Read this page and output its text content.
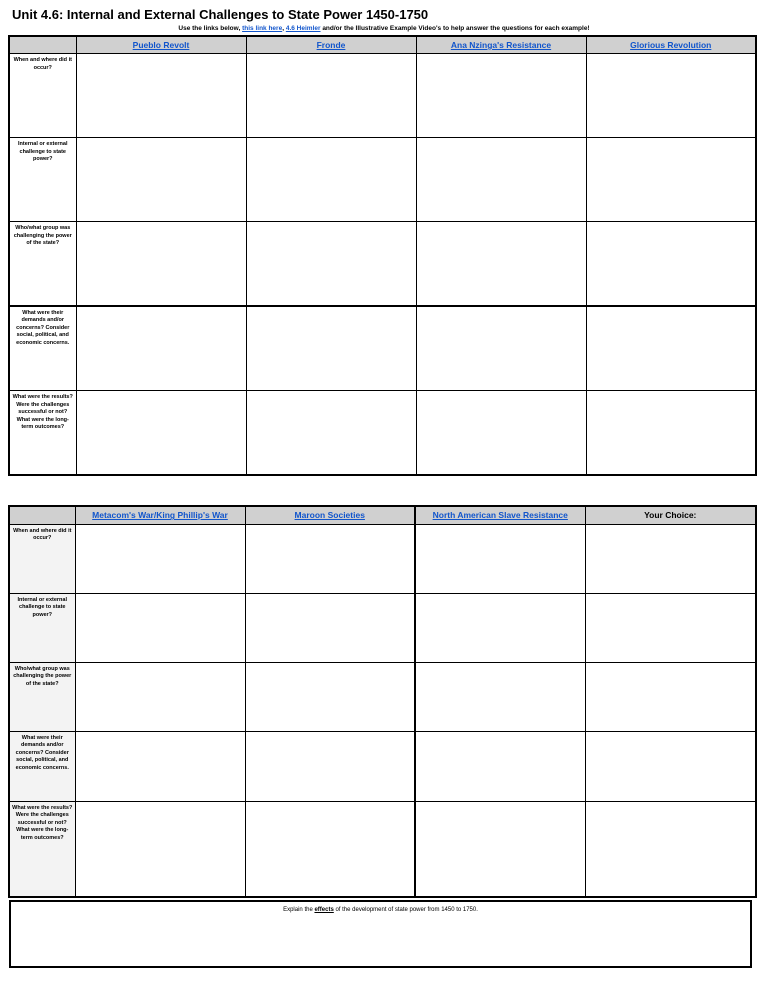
Unit 4.6: Internal and External Challenges to State Power 1450-1750
Use the links below, this link here, 4.6 Heimler and/or the Illustrative Example Video's to help answer the questions for each example!
	Pueblo Revolt	Fronde	Ana Nzinga's Resistance	Glorious Revolution
When and where did it occur?				
Internal or external challenge to state power?				
Who/what group was challenging the power of the state?				
What were their demands and/or concerns? Consider social, political, and economic concerns.				
What were the results? Were the challenges successful or not? What were the long-term outcomes?				
	Metacom's War/King Phillip's War	Maroon Societies	North American Slave Resistance	Your Choice:
When and where did it occur?				
Internal or external challenge to state power?				
Who/what group was challenging the power of the state?				
What were their demands and/or concerns? Consider social, political, and economic concerns.				
What were the results? Were the challenges successful or not? What were the long-term outcomes?				
Explain the effects of the development of state power from 1450 to 1750.
